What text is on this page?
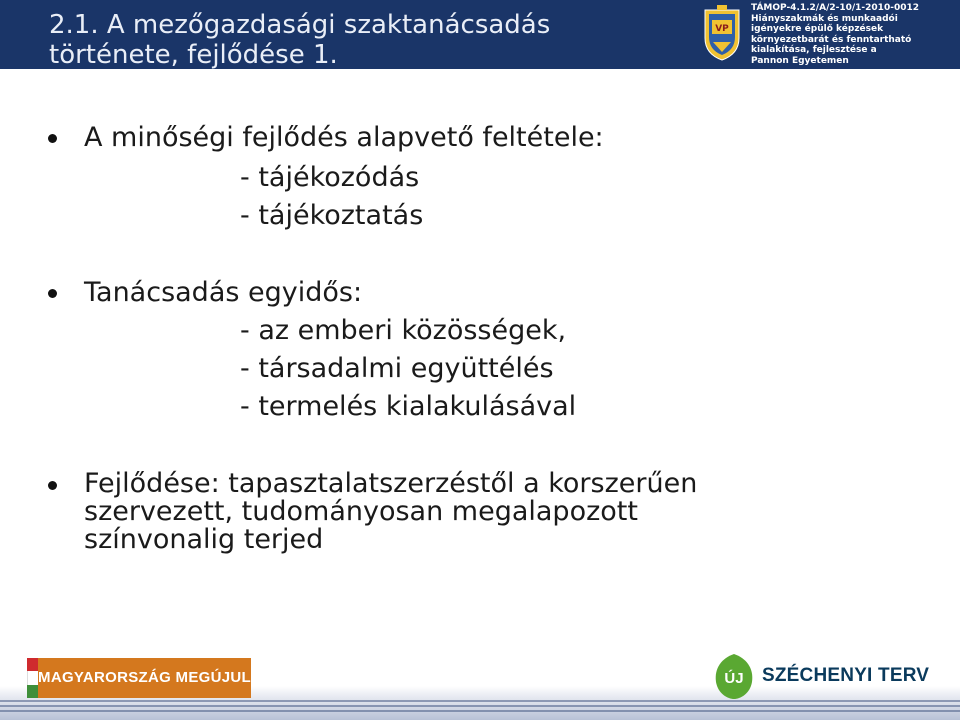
2.1. A mezőgazdasági szaktanácsadás
története, fejlődése 1.
VP
TÁMOP-4.1.2/A/2-10/1-2010-0012
Hiányszakmák és munkaadói
igényekre épülő képzések
környezetbarát és fenntartható
kialakítása, fejlesztése a
Pannon Egyetemen
A minőségi fejlődés alapvető feltétele:
- tájékozódás
- tájékoztatás
Tanácsadás egyidős:
- az emberi közösségek,
- társadalmi együttélés
- termelés kialakulásával
Fejlődése: tapasztalatszerzéstől a korszerűen
szervezett, tudományosan megalapozott
színvonalig terjed
MAGYARORSZÁG MEGÚJUL	ÚJ SZÉCHENYI TERV
